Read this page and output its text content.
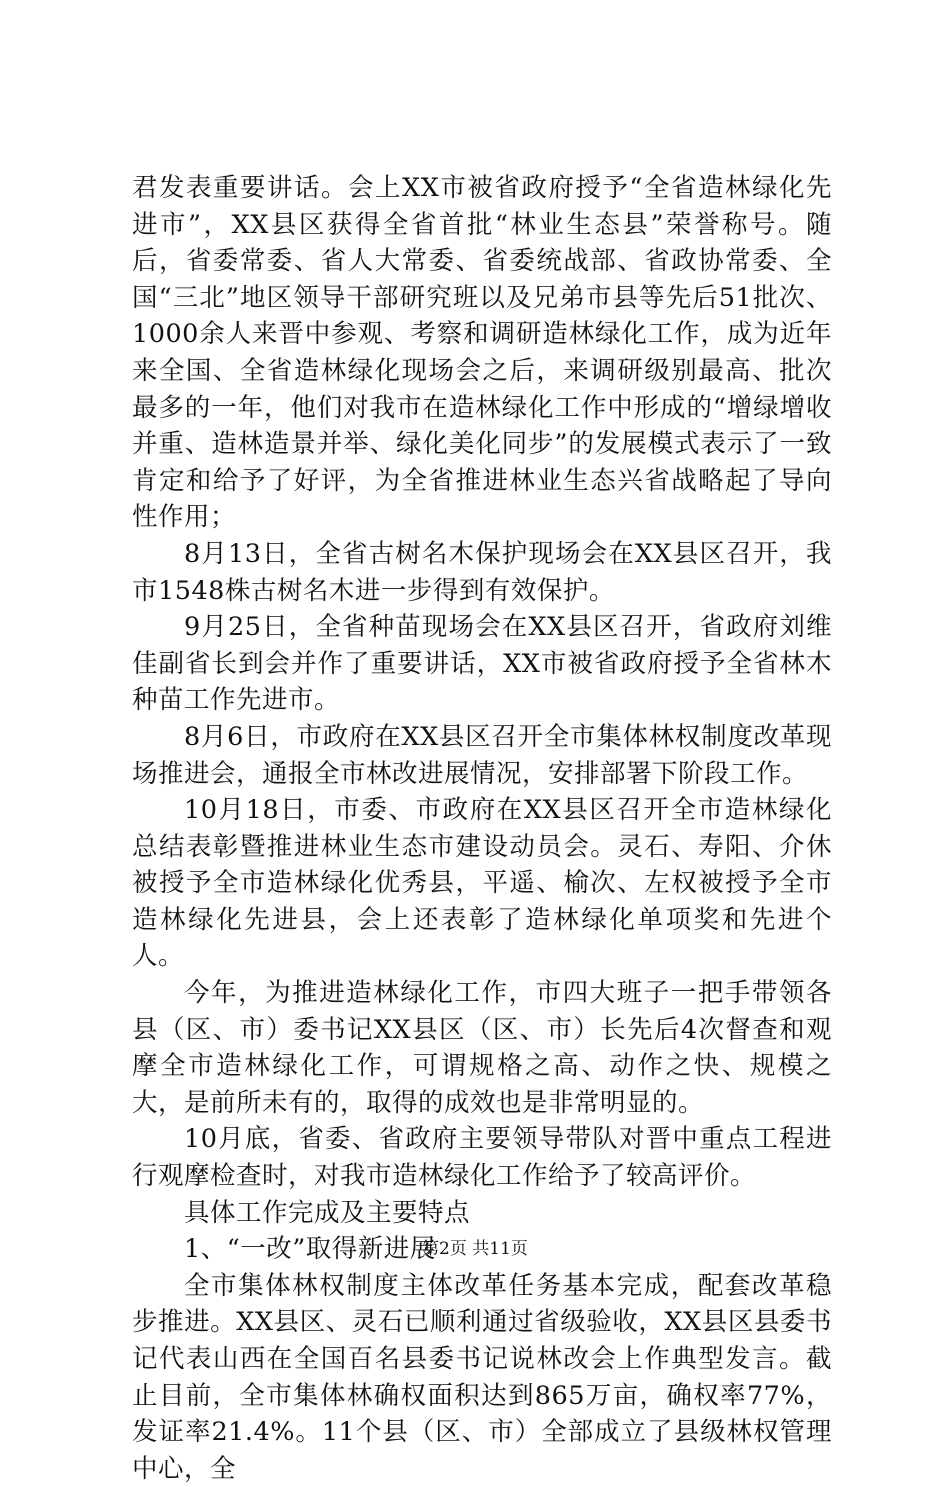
君发表重要讲话。会上XX市被省政府授予“全省造林绿化先进市”，XX县区获得全省首批“林业生态县”荣誉称号。随后，省委常委、省人大常委、省委统战部、省政协常委、全国“三北”地区领导干部研究班以及兄弟市县等先后51批次、1000余人来晋中参观、考察和调研造林绿化工作，成为近年来全国、全省造林绿化现场会之后，来调研级别最高、批次最多的一年，他们对我市在造林绿化工作中形成的“增绿增收并重、造林造景并举、绿化美化同步”的发展模式表示了一致肯定和给予了好评，为全省推进林业生态兴省战略起了导向性作用；

8月13日，全省古树名木保护现场会在XX县区召开，我市1548株古树名木进一步得到有效保护。

9月25日，全省种苗现场会在XX县区召开，省政府刘维佳副省长到会并作了重要讲话，XX市被省政府授予全省林木种苗工作先进市。

8月6日，市政府在XX县区召开全市集体林权制度改革现场推进会，通报全市林改进展情况，安排部署下阶段工作。

10月18日，市委、市政府在XX县区召开全市造林绿化总结表彰暨推进林业生态市建设动员会。灵石、寿阳、介休被授予全市造林绿化优秀县，平遥、榆次、左权被授予全市造林绿化先进县，会上还表彰了造林绿化单项奖和先进个人。

今年，为推进造林绿化工作，市四大班子一把手带领各县（区、市）委书记XX县区（区、市）长先后4次督查和观摩全市造林绿化工作，可谓规格之高、动作之快、规模之大，是前所未有的，取得的成效也是非常明显的。

10月底，省委、省政府主要领导带队对晋中重点工程进行观摩检查时，对我市造林绿化工作给予了较高评价。

具体工作完成及主要特点

1、“一改”取得新进展

全市集体林权制度主体改革任务基本完成，配套改革稳步推进。XX县区、灵石已顺利通过省级验收，XX县区县委书记代表山西在全国百名县委书记说林改会上作典型发言。截止目前，全市集体林确权面积达到865万亩，确权率77%，发证率21.4%。11个县（区、市）全部成立了县级林权管理中心，全

第2页 共11页
